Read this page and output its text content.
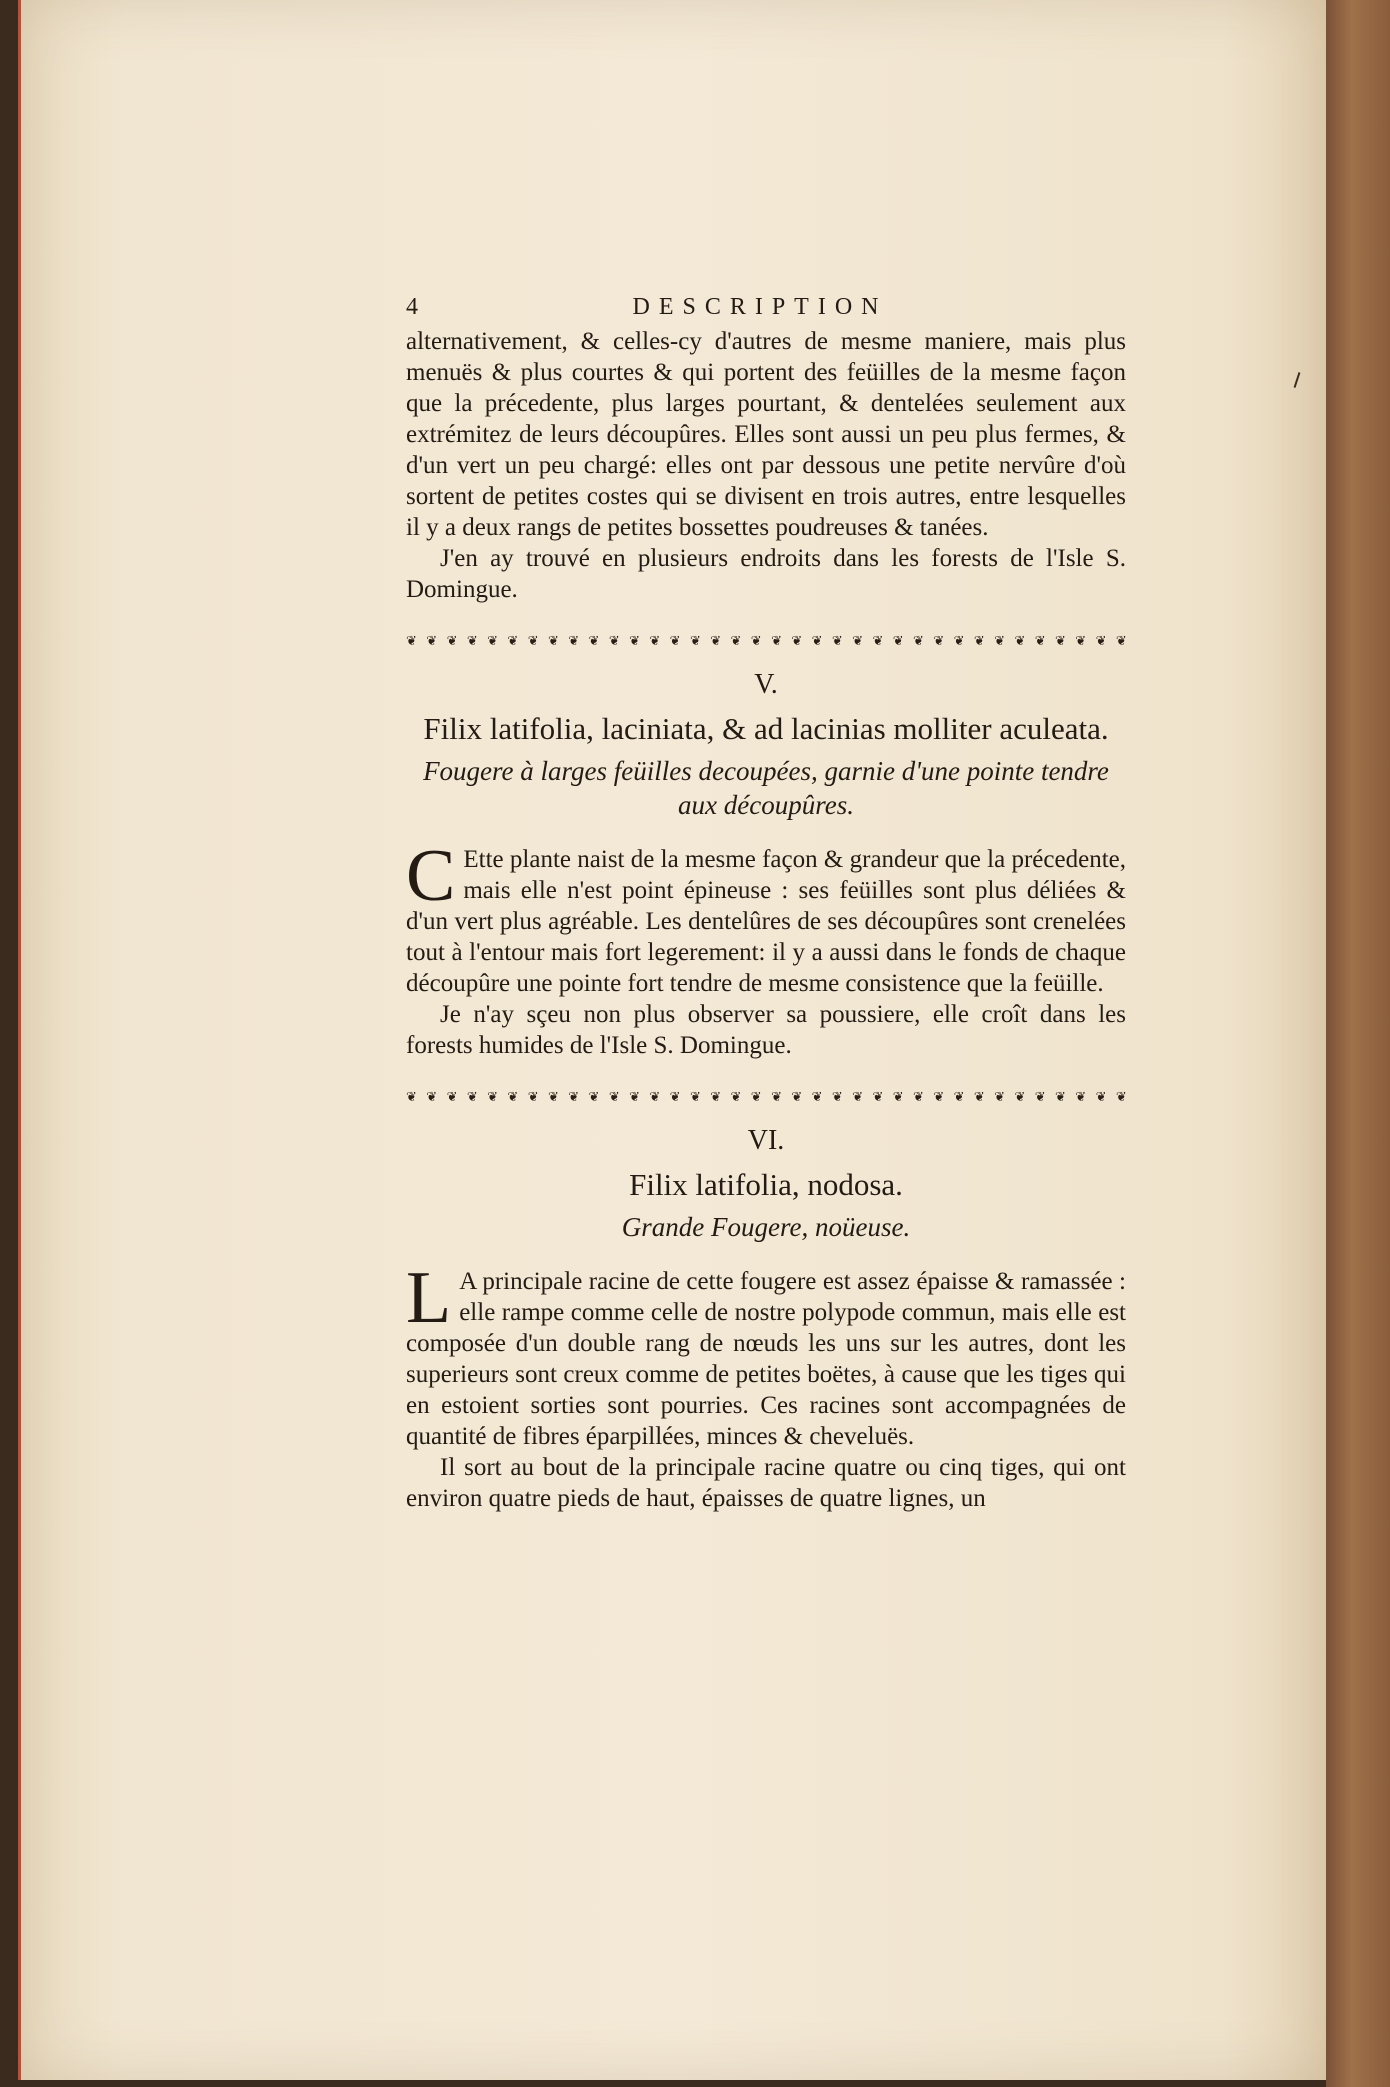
4	DESCRIPTION

alternativement, & celles-cy d'autres de mesme maniere, mais plus menuës & plus courtes & qui portent des feüilles de la mesme façon que la précedente, plus larges pourtant, & dentelées seulement aux extrémitez de leurs découpûres. Elles sont aussi un peu plus fermes, & d'un vert un peu chargé: elles ont par dessous une petite nervûre d'où sortent de petites costes qui se divisent en trois autres, entre lesquelles il y a deux rangs de petites bossettes poudreuses & tanées.

J'en ay trouvé en plusieurs endroits dans les forests de l'Isle S. Domingue.

❦ ❦ ❦ ❦ ❦ ❦ ❦ ❦ ❦ ❦ ❦ ❦ ❦ ❦ ❦ ❦ ❦ ❦ ❦ ❦ ❦ ❦ ❦ ❦ ❦ ❦ ❦ ❦ ❦ ❦ ❦ ❦ ❦ ❦ ❦ ❦
V.
Filix latifolia, laciniata, & ad lacinias molliter aculeata.
Fougere à larges feüilles decoupées, garnie d'une pointe tendre aux découpûres.
C Ette plante naist de la mesme façon & grandeur que la précedente, mais elle n'est point épineuse : ses feüilles sont plus déliées & d'un vert plus agréable. Les dentelûres de ses découpûres sont crenelées tout à l'entour mais fort legerement: il y a aussi dans le fonds de chaque découpûre une pointe fort tendre de mesme consistence que la feüille.

Je n'ay sçeu non plus observer sa poussiere, elle croît dans les forests humides de l'Isle S. Domingue.

❦ ❦ ❦ ❦ ❦ ❦ ❦ ❦ ❦ ❦ ❦ ❦ ❦ ❦ ❦ ❦ ❦ ❦ ❦ ❦ ❦ ❦ ❦ ❦ ❦ ❦ ❦ ❦ ❦ ❦ ❦ ❦ ❦ ❦ ❦ ❦
VI.
Filix latifolia, nodosa.
Grande Fougere, noüeuse.
L A principale racine de cette fougere est assez épaisse & ramassée : elle rampe comme celle de nostre polypode commun, mais elle est composée d'un double rang de nœuds les uns sur les autres, dont les superieurs sont creux comme de petites boëtes, à cause que les tiges qui en estoient sorties sont pourries. Ces racines sont accompagnées de quantité de fibres éparpillées, minces & cheveluës.

Il sort au bout de la principale racine quatre ou cinq tiges, qui ont environ quatre pieds de haut, épaisses de quatre lignes, un
